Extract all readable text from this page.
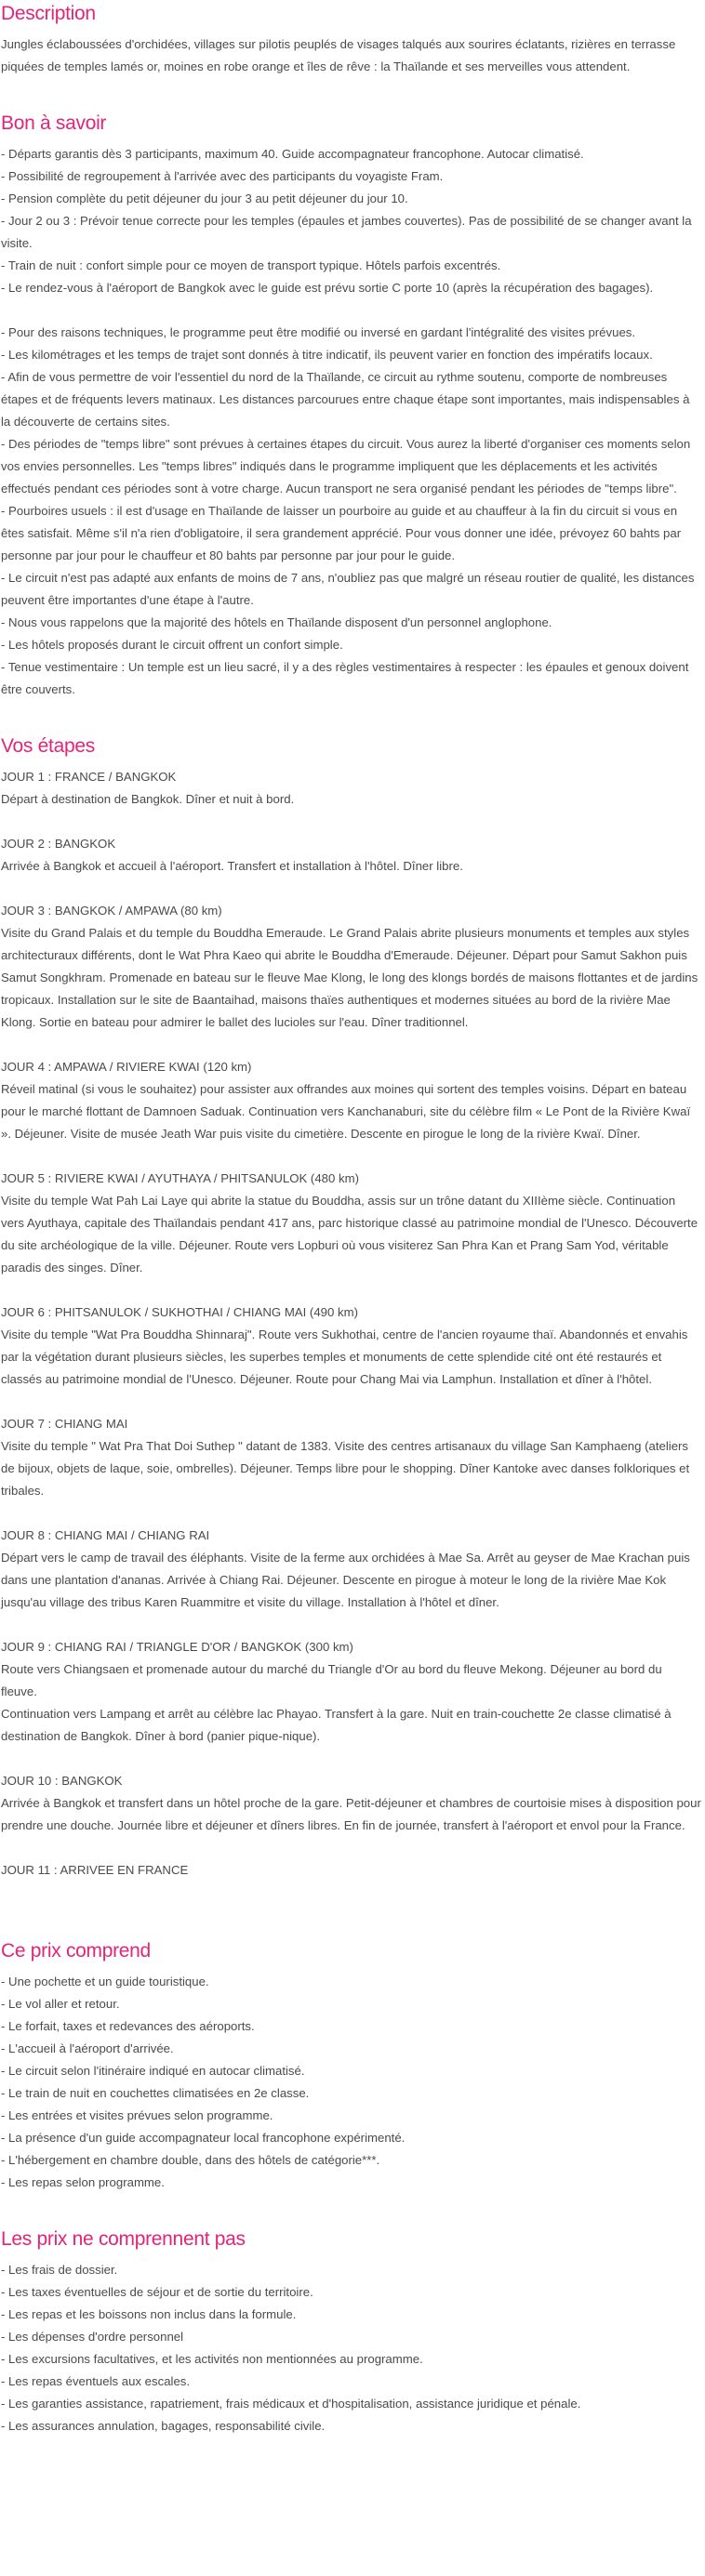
Description

Jungles éclaboussées d'orchidées, villages sur pilotis peuplés de visages talqués aux sourires éclatants, rizières en terrasse piquées de temples lamés or, moines en robe orange et îles de rêve : la Thaïlande et ses merveilles vous attendent.

Bon à savoir

- Départs garantis dès 3 participants, maximum 40. Guide accompagnateur francophone. Autocar climatisé.

- Possibilité de regroupement à l'arrivée avec des participants du voyagiste Fram.

- Pension complète du petit déjeuner du jour 3 au petit déjeuner du jour 10.

- Jour 2 ou 3 : Prévoir tenue correcte pour les temples (épaules et jambes couvertes). Pas de possibilité de se changer avant la visite.

- Train de nuit : confort simple pour ce moyen de transport typique. Hôtels parfois excentrés.

- Le rendez-vous à l'aéroport de Bangkok avec le guide est prévu sortie C porte 10 (après la récupération des bagages).

- Pour des raisons techniques, le programme peut être modifié ou inversé en gardant l'intégralité des visites prévues.

- Les kilométrages et les temps de trajet sont donnés à titre indicatif, ils peuvent varier en fonction des impératifs locaux.

- Afin de vous permettre de voir l'essentiel du nord de la Thaïlande, ce circuit au rythme soutenu, comporte de nombreuses étapes et de fréquents levers matinaux. Les distances parcourues entre chaque étape sont importantes, mais indispensables à la découverte de certains sites.

- Des périodes de "temps libre" sont prévues à certaines étapes du circuit. Vous aurez la liberté d'organiser ces moments selon vos envies personnelles. Les "temps libres" indiqués dans le programme impliquent que les déplacements et les activités effectués pendant ces périodes sont à votre charge. Aucun transport ne sera organisé pendant les périodes de "temps libre".

- Pourboires usuels : il est d'usage en Thaïlande de laisser un pourboire au guide et au chauffeur à la fin du circuit si vous en êtes satisfait. Même s'il n'a rien d'obligatoire, il sera grandement apprécié. Pour vous donner une idée, prévoyez 60 bahts par personne par jour pour le chauffeur et 80 bahts par personne par jour pour le guide.

- Le circuit n'est pas adapté aux enfants de moins de 7 ans, n'oubliez pas que malgré un réseau routier de qualité, les distances peuvent être importantes d'une étape à l'autre.

- Nous vous rappelons que la majorité des hôtels en Thaïlande disposent d'un personnel anglophone.

- Les hôtels proposés durant le circuit offrent un confort simple.

- Tenue vestimentaire : Un temple est un lieu sacré, il y a des règles vestimentaires à respecter : les épaules et genoux doivent être couverts.

Vos étapes

JOUR 1 : FRANCE / BANGKOK

Départ à destination de Bangkok. Dîner et nuit à bord.

JOUR 2 : BANGKOK

Arrivée à Bangkok et accueil à l'aéroport. Transfert et installation à l'hôtel. Dîner libre.

JOUR 3 : BANGKOK / AMPAWA (80 km)

Visite du Grand Palais et du temple du Bouddha Emeraude. Le Grand Palais abrite plusieurs monuments et temples aux styles architecturaux différents, dont le Wat Phra Kaeo qui abrite le Bouddha d'Emeraude. Déjeuner. Départ pour Samut Sakhon puis Samut Songkhram. Promenade en bateau sur le fleuve Mae Klong, le long des klongs bordés de maisons flottantes et de jardins tropicaux. Installation sur le site de Baantaihad, maisons thaïes authentiques et modernes situées au bord de la rivière Mae Klong. Sortie en bateau pour admirer le ballet des lucioles sur l'eau. Dîner traditionnel.

JOUR 4 : AMPAWA / RIVIERE KWAI (120 km)

Réveil matinal (si vous le souhaitez) pour assister aux offrandes aux moines qui sortent des temples voisins. Départ en bateau pour le marché flottant de Damnoen Saduak. Continuation vers Kanchanaburi, site du célèbre film « Le Pont de la Rivière Kwaï ». Déjeuner. Visite de musée Jeath War puis visite du cimetière. Descente en pirogue le long de la rivière Kwaï. Dîner.

JOUR 5 : RIVIERE KWAI / AYUTHAYA / PHITSANULOK (480 km)

Visite du temple Wat Pah Lai Laye qui abrite la statue du Bouddha, assis sur un trône datant du XIIIème siècle. Continuation vers Ayuthaya, capitale des Thaïlandais pendant 417 ans, parc historique classé au patrimoine mondial de l'Unesco. Découverte du site archéologique de la ville. Déjeuner. Route vers Lopburi où vous visiterez San Phra Kan et Prang Sam Yod, véritable paradis des singes. Dîner.

JOUR 6 : PHITSANULOK / SUKHOTHAI / CHIANG MAI (490 km)

Visite du temple "Wat Pra Bouddha Shinnaraj". Route vers Sukhothai, centre de l'ancien royaume thaï. Abandonnés et envahis par la végétation durant plusieurs siècles, les superbes temples et monuments de cette splendide cité ont été restaurés et classés au patrimoine mondial de l'Unesco. Déjeuner. Route pour Chang Mai via Lamphun. Installation et dîner à l'hôtel.

JOUR 7 : CHIANG MAI

Visite du temple " Wat Pra That Doi Suthep " datant de 1383. Visite des centres artisanaux du village San Kamphaeng (ateliers de bijoux, objets de laque, soie, ombrelles). Déjeuner. Temps libre pour le shopping. Dîner Kantoke avec danses folkloriques et tribales.

JOUR 8 : CHIANG MAI / CHIANG RAI

Départ vers le camp de travail des éléphants. Visite de la ferme aux orchidées à Mae Sa. Arrêt au geyser de Mae Krachan puis dans une plantation d'ananas. Arrivée à Chiang Rai. Déjeuner. Descente en pirogue à moteur le long de la rivière Mae Kok jusqu'au village des tribus Karen Ruammitre et visite du village. Installation à l'hôtel et dîner.

JOUR 9 : CHIANG RAI / TRIANGLE D'OR / BANGKOK (300 km)

Route vers Chiangsaen et promenade autour du marché du Triangle d'Or au bord du fleuve Mekong. Déjeuner au bord du fleuve.

Continuation vers Lampang et arrêt au célèbre lac Phayao. Transfert à la gare. Nuit en train-couchette 2e classe climatisé à destination de Bangkok. Dîner à bord (panier pique-nique).

JOUR 10 : BANGKOK

Arrivée à Bangkok et transfert dans un hôtel proche de la gare. Petit-déjeuner et chambres de courtoisie mises à disposition pour prendre une douche. Journée libre et déjeuner et dîners libres. En fin de journée, transfert à l'aéroport et envol pour la France.

JOUR 11 : ARRIVEE EN FRANCE

Ce prix comprend

- Une pochette et un guide touristique.

- Le vol aller et retour.

- Le forfait, taxes et redevances des aéroports.

- L'accueil à l'aéroport d'arrivée.

- Le circuit selon l'itinéraire indiqué en autocar climatisé.

- Le train de nuit en couchettes climatisées en 2e classe.

- Les entrées et visites prévues selon programme.

- La présence d'un guide accompagnateur local francophone expérimenté.

- L'hébergement en chambre double, dans des hôtels de catégorie***.

- Les repas selon programme.

Les prix ne comprennent pas

- Les frais de dossier.

- Les taxes éventuelles de séjour et de sortie du territoire.

- Les repas et les boissons non inclus dans la formule.

- Les dépenses d'ordre personnel

- Les excursions facultatives, et les activités non mentionnées au programme.

- Les repas éventuels aux escales.

- Les garanties assistance, rapatriement, frais médicaux et d'hospitalisation, assistance juridique et pénale.

- Les assurances annulation, bagages, responsabilité civile.
